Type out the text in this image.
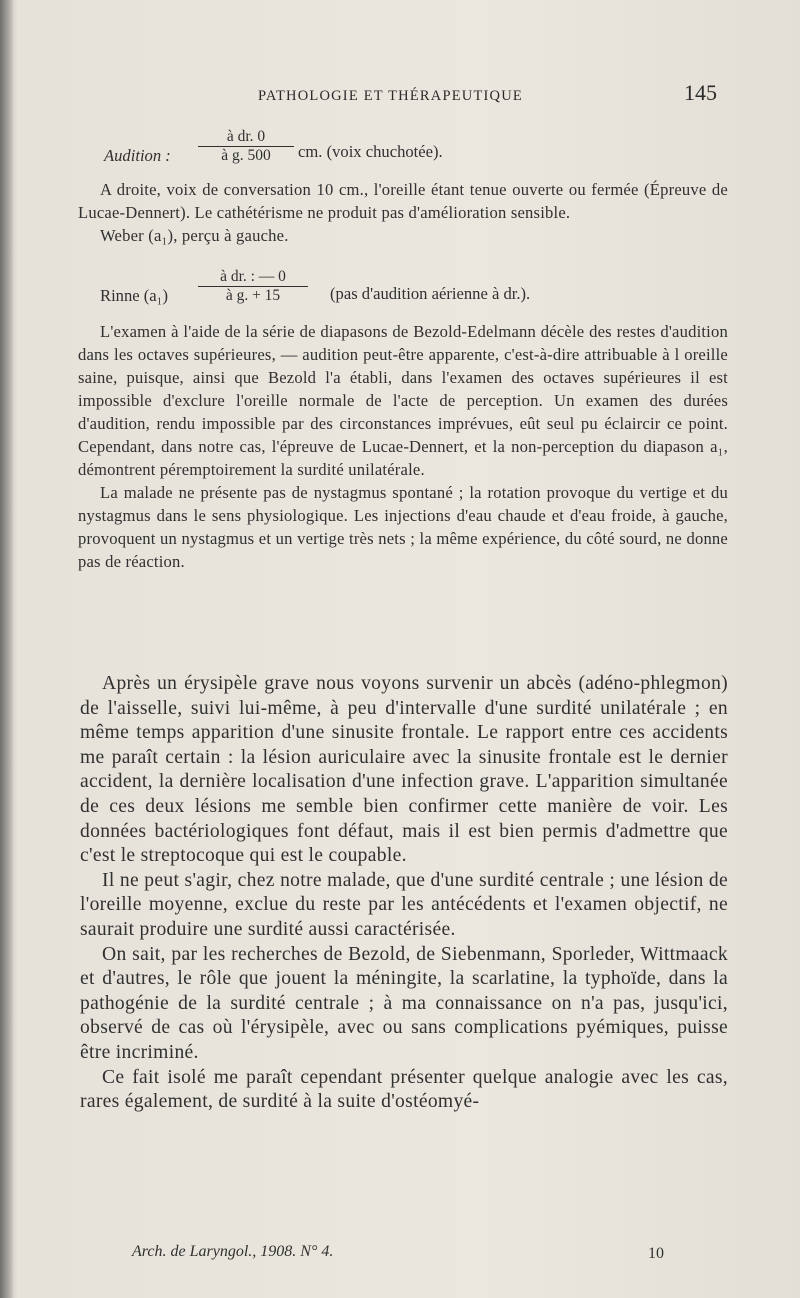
PATHOLOGIE ET THÉRAPEUTIQUE	145
Audition : $\frac{\text{à dr. 0}}{\text{à g. 500}}$ cm. (voix chuchotée).

A droite, voix de conversation 10 cm., l'oreille étant tenue ouverte ou fermée (Épreuve de Lucae-Dennert). Le cathétérisme ne produit pas d'amélioration sensible.

Weber (a₁), perçu à gauche.

Rinne $(a_1) \frac{\text{à dr. : — 0}}{\text{à g. + 15}} (pas$ d'audition aérienne à dr.).

L'examen à l'aide de la série de diapasons de Bezold-Edelmann décèle des restes d'audition dans les octaves supérieures, — audition peut-être apparente, c'est-à-dire attribuable à l oreille saine, puisque, ainsi que Bezold l'a établi, dans l'examen des octaves supérieures il est impossible d'exclure l'oreille normale de l'acte de perception. Un examen des durées d'audition, rendu impossible par des circonstances imprévues, eût seul pu éclaircir ce point. Cependant, dans notre cas, l'épreuve de Lucae-Dennert, et la non-perception du diapason a₁, démontrent péremptoirement la surdité unilatérale.

La malade ne présente pas de nystagmus spontané ; la rotation provoque du vertige et du nystagmus dans le sens physiologique. Les injections d'eau chaude et d'eau froide, à gauche, provoquent un nystagmus et un vertige très nets ; la même expérience, du côté sourd, ne donne pas de réaction.

Après un érysipèle grave nous voyons survenir un abcès (adéno-phlegmon) de l'aisselle, suivi lui-même, à peu d'intervalle d'une surdité unilatérale ; en même temps apparition d'une sinusite frontale. Le rapport entre ces accidents me paraît certain : la lésion auriculaire avec la sinusite frontale est le dernier accident, la dernière localisation d'une infection grave. L'apparition simultanée de ces deux lésions me semble bien confirmer cette manière de voir. Les données bactériologiques font défaut, mais il est bien permis d'admettre que c'est le streptocoque qui est le coupable.

Il ne peut s'agir, chez notre malade, que d'une surdité centrale ; une lésion de l'oreille moyenne, exclue du reste par les antécédents et l'examen objectif, ne saurait produire une surdité aussi caractérisée.

On sait, par les recherches de Bezold, de Siebenmann, Sporleder, Wittmaack et d'autres, le rôle que jouent la méningite, la scarlatine, la typhoïde, dans la pathogénie de la surdité centrale ; à ma connaissance on n'a pas, jusqu'ici, observé de cas où l'érysipèle, avec ou sans complications pyémiques, puisse être incriminé.

Ce fait isolé me paraît cependant présenter quelque analogie avec les cas, rares également, de surdité à la suite d'ostéomyé-

Arch. de Laryngol., 1908. N° 4.	10
